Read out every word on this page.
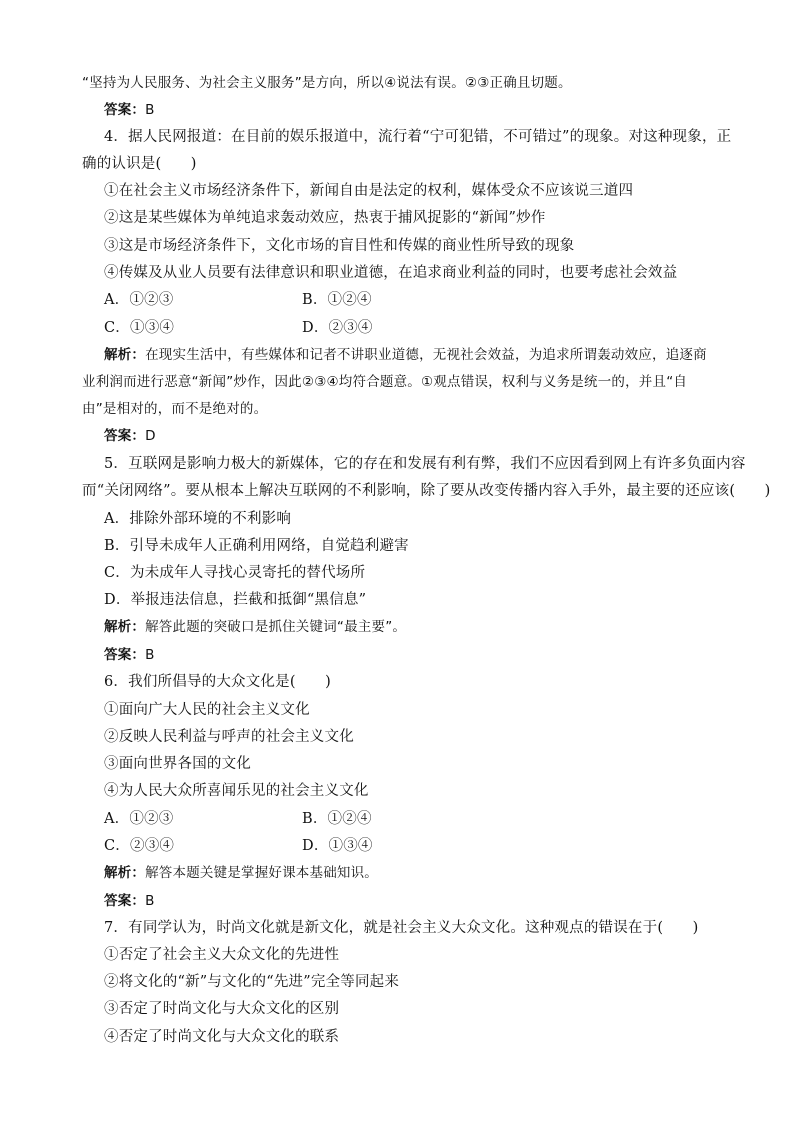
“坚持为人民服务、为社会主义服务”是方向，所以④说法有误。②③正确且切题。
答案：B
4．据人民网报道：在目前的娱乐报道中，流行着“宁可犯错，不可错过”的现象。对这种现象，正
确的认识是(　　)
①在社会主义市场经济条件下，新闻自由是法定的权利，媒体受众不应该说三道四
②这是某些媒体为单纯追求轰动效应，热衷于捕风捉影的“新闻”炒作
③这是市场经济条件下，文化市场的盲目性和传媒的商业性所导致的现象
④传媒及从业人员要有法律意识和职业道德，在追求商业利益的同时，也要考虑社会效益
A．①②③	B．①②④
C．①③④	D．②③④
解析：在现实生活中，有些媒体和记者不讲职业道德，无视社会效益，为追求所谓轰动效应，追逐商
业利润而进行恶意“新闻”炒作，因此②③④均符合题意。①观点错误，权利与义务是统一的，并且“自
由”是相对的，而不是绝对的。
答案：D
5．互联网是影响力极大的新媒体，它的存在和发展有利有弊，我们不应因看到网上有许多负面内容
而“关闭网络”。要从根本上解决互联网的不利影响，除了要从改变传播内容入手外，最主要的还应该(　　)
A．排除外部环境的不利影响
B．引导未成年人正确利用网络，自觉趋利避害
C．为未成年人寻找心灵寄托的替代场所
D．举报违法信息，拦截和抵御“黑信息”
解析：解答此题的突破口是抓住关键词“最主要”。
答案：B
6．我们所倡导的大众文化是(　　)
①面向广大人民的社会主义文化
②反映人民利益与呼声的社会主义文化
③面向世界各国的文化
④为人民大众所喜闻乐见的社会主义文化
A．①②③	B．①②④
C．②③④	D．①③④
解析：解答本题关键是掌握好课本基础知识。
答案：B
7．有同学认为，时尚文化就是新文化，就是社会主义大众文化。这种观点的错误在于(　　)
①否定了社会主义大众文化的先进性
②将文化的“新”与文化的“先进”完全等同起来
③否定了时尚文化与大众文化的区别
④否定了时尚文化与大众文化的联系
